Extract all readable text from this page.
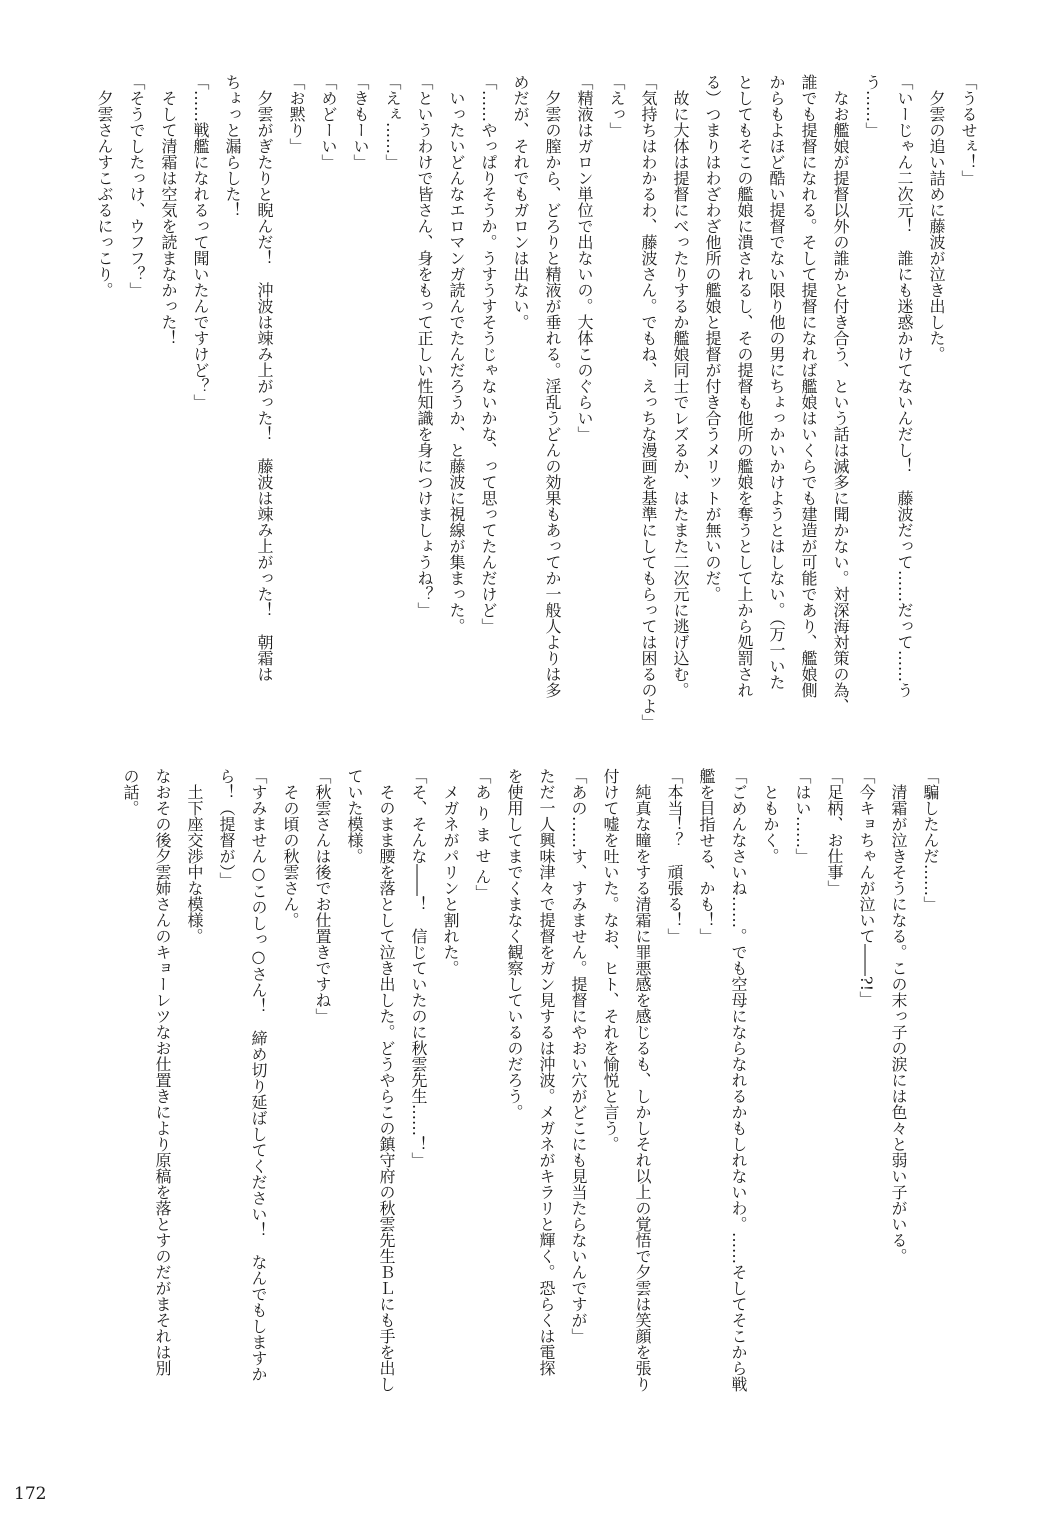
「うるせぇ！」
　夕雲の追い詰めに藤波が泣き出した。
「いーじゃん二次元！　誰にも迷惑かけてないんだし！　藤波だって……だって……う
う……」
　なお艦娘が提督以外の誰かと付き合う、という話は滅多に聞かない。対深海対策の為、
誰でも提督になれる。そして提督になれば艦娘はいくらでも建造が可能であり、艦娘側
からもよほど酷い提督でない限り他の男にちょっかいかけようとはしない。（万一いた
としてもそこの艦娘に潰されるし、その提督も他所の艦娘を奪うとして上から処罰され
る）つまりはわざわざ他所の艦娘と提督が付き合うメリットが無いのだ。
　故に大体は提督にべったりするか艦娘同士でレズるか、はたまた二次元に逃げ込む。
「気持ちはわかるわ、藤波さん。でもね、えっちな漫画を基準にしてもらっては困るのよ」
「えっ」
「精液はガロン単位で出ないの。大体このぐらい」
　夕雲の膣から、どろりと精液が垂れる。淫乱うどんの効果もあってか一般人よりは多
めだが、それでもガロンは出ない。
「……やっぱりそうか。うすうすそうじゃないかな、って思ってたんだけど」
　いったいどんなエロマンガ読んでたんだろうか、と藤波に視線が集まった。
「というわけで皆さん、身をもって正しい性知識を身につけましょうね？」
「えぇ……」
「きもーい」
「めどーい」
「お黙り」
　夕雲がぎたりと睨んだ！　沖波は竦み上がった！　藤波は竦み上がった！　朝霜は
ちょっと漏らした！
「……戦艦になれるって聞いたんですけど？」
　そして清霜は空気を読まなかった！
「そうでしたっけ、ウフフ？」
　夕雲さんすこぶるにっこり。
「騙したんだ……」
　清霜が泣きそうになる。この末っ子の涙には色々と弱い子がいる。
「今キョちゃんが泣いて――?!」
「足柄、お仕事」
「はい……」
　ともかく。
「ごめんなさいね……。でも空母にならなれるかもしれないわ。……そしてそこから戦
艦を目指せる、かも！」
「本当！？　頑張る！」
　純真な瞳をする清霜に罪悪感を感じるも、しかしそれ以上の覚悟で夕雲は笑顔を張り
付けて嘘を吐いた。なお、ヒト、それを愉悦と言う。
「あの……す、すみません。提督にやおい穴がどこにも見当たらないんですが」
ただ一人興味津々で提督をガン見するは沖波。メガネがキラリと輝く。恐らくは電探
を使用してまでくまなく観察しているのだろう。
「あ り ま せ ん」
　メガネがパリンと割れた。
「そ、そんな――！　信じていたのに秋雲先生……！」
　そのまま腰を落として泣き出した。どうやらこの鎮守府の秋雲先生ＢＬにも手を出し
ていた模様。
「秋雲さんは後でお仕置きですね」
　その頃の秋雲さん。
「すみません○このしっ○さん！　締め切り延ばしてください！　なんでもしますか
ら！（提督が）」
　土下座交渉中な模様。
なおその後夕雲姉さんのキョーレツなお仕置きにより原稿を落とすのだがまそれは別
の話。
172
